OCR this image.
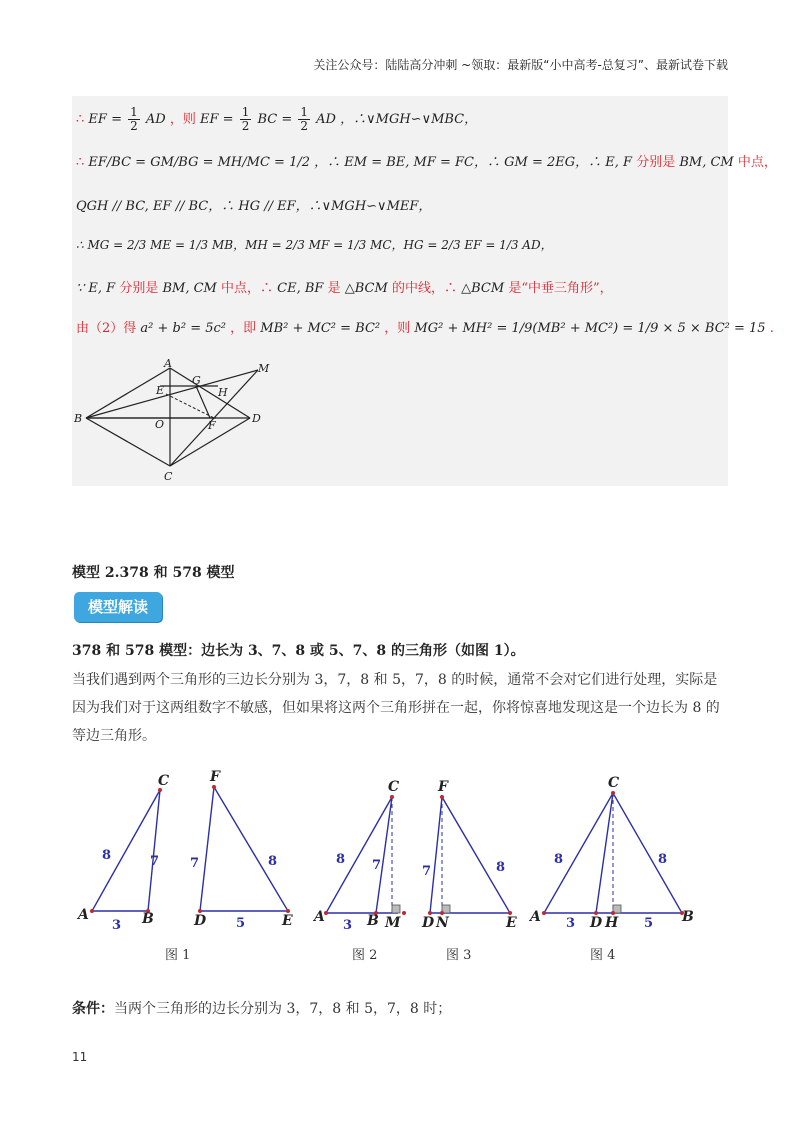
关注公众号：陆陆高分冲刺 ~领取：最新版“小中高考-总复习”、最新试卷下载
∴ EF = $\frac{1}{2}$ AD ，则 EF = $\frac{1}{2}$ BC = $\frac{1}{2}$ AD ，∴∨MGH∽∨MBC，
∴ EF/BC = GM/BG = MH/MC = 1/2 ，∴ EM = BE, MF = FC，∴ GM = 2EG，∴ E, F 分别是 BM, CM 中点，
QGH // BC, EF // BC，∴ HG // EF，∴∨MGH∽∨MEF，
∴ MG = 2/3 ME = 1/3 MB，MH = 2/3 MF = 1/3 MC，HG = 2/3 EF = 1/3 AD，
∵ E, F 分别是 BM, CM 中点，∴ CE, BF 是 △BCM 的中线，∴ △BCM 是“中垂三角形”，
由（2）得 a² + b² = 5c² ，即 MB² + MC² = BC² ，则 MG² + MH² = 1/9(MB² + MC²) = 1/9 × 5 × BC² = 15 .
A	M
G
E	H
B	O	F
D
C
模型 2.378 和 578 模型
模型解读
378 和 578 模型：边长为 3、7、8 或 5、7、8 的三角形（如图 1）。
当我们遇到两个三角形的三边长分别为 3，7，8 和 5，7，8 的时候，通常不会对它们进行处理，实际是因为我们对于这两组数字不敏感，但如果将这两个三角形拼在一起，你将惊喜地发现这是一个边长为 8 的等边三角形。
C
A	B
F
D	E
C
A	B M
F
D N	E
C
A	D H	B
8	7
3
7	8
5
8 7
3
7	8
8	8
3	5
图 1	图 2	图 3	图 4
条件：当两个三角形的边长分别为 3，7，8 和 5，7，8 时；
11
